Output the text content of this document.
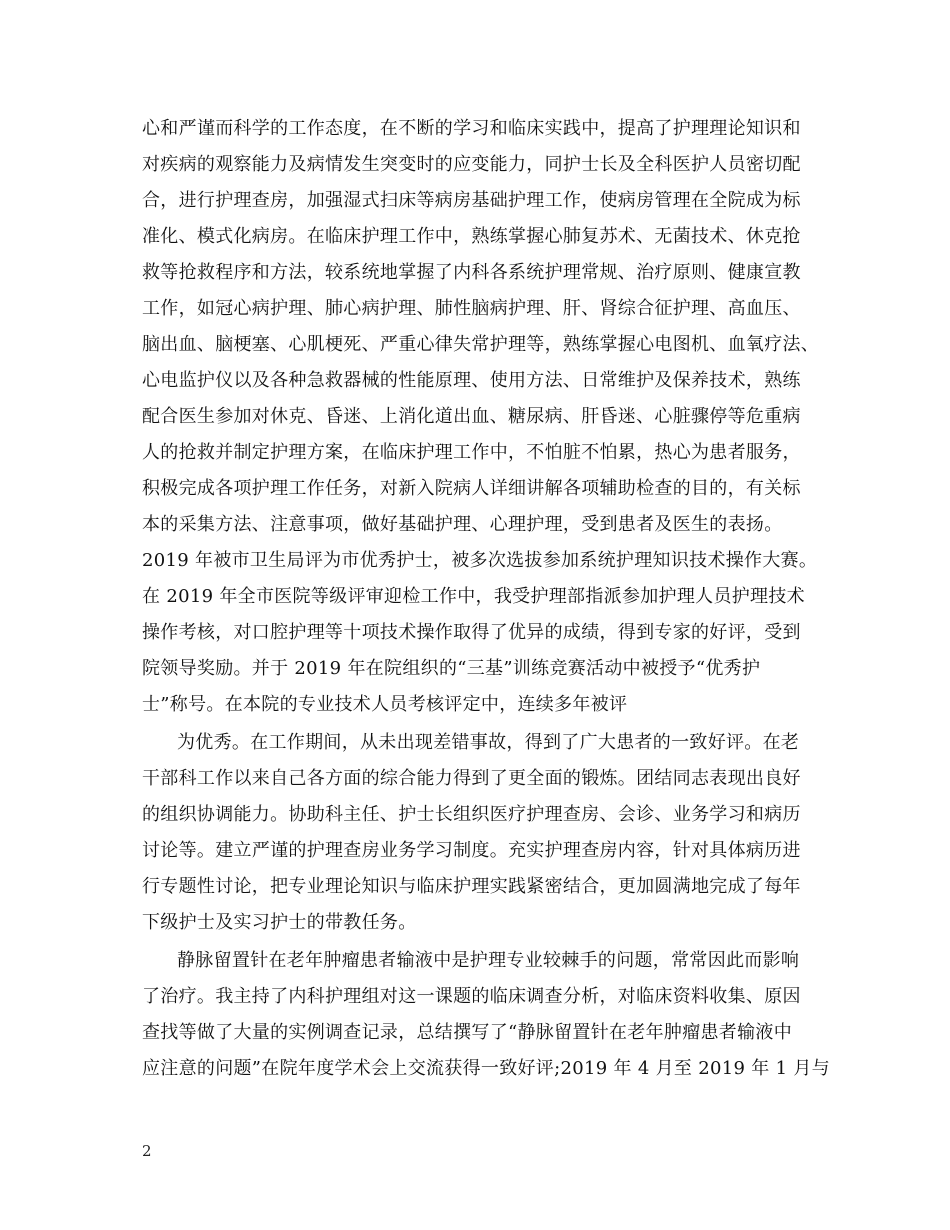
心和严谨而科学的工作态度，在不断的学习和临床实践中，提高了护理理论知识和
对疾病的观察能力及病情发生突变时的应变能力，同护士长及全科医护人员密切配
合，进行护理查房，加强湿式扫床等病房基础护理工作，使病房管理在全院成为标
准化、模式化病房。在临床护理工作中，熟练掌握心肺复苏术、无菌技术、休克抢
救等抢救程序和方法，较系统地掌握了内科各系统护理常规、治疗原则、健康宣教
工作，如冠心病护理、肺心病护理、肺性脑病护理、肝、肾综合征护理、高血压、
脑出血、脑梗塞、心肌梗死、严重心律失常护理等，熟练掌握心电图机、血氧疗法、
心电监护仪以及各种急救器械的性能原理、使用方法、日常维护及保养技术，熟练
配合医生参加对休克、昏迷、上消化道出血、糖尿病、肝昏迷、心脏骤停等危重病
人的抢救并制定护理方案，在临床护理工作中，不怕脏不怕累，热心为患者服务，
积极完成各项护理工作任务，对新入院病人详细讲解各项辅助检查的目的，有关标
本的采集方法、注意事项，做好基础护理、心理护理，受到患者及医生的表扬。
2019 年被市卫生局评为市优秀护士，被多次选拔参加系统护理知识技术操作大赛。
在 2019 年全市医院等级评审迎检工作中，我受护理部指派参加护理人员护理技术
操作考核，对口腔护理等十项技术操作取得了优异的成绩，得到专家的好评，受到
院领导奖励。并于 2019 年在院组织的“三基”训练竞赛活动中被授予“优秀护
士”称号。在本院的专业技术人员考核评定中，连续多年被评
为优秀。在工作期间，从未出现差错事故，得到了广大患者的一致好评。在老
干部科工作以来自己各方面的综合能力得到了更全面的锻炼。团结同志表现出良好
的组织协调能力。协助科主任、护士长组织医疗护理查房、会诊、业务学习和病历
讨论等。建立严谨的护理查房业务学习制度。充实护理查房内容，针对具体病历进
行专题性讨论，把专业理论知识与临床护理实践紧密结合，更加圆满地完成了每年
下级护士及实习护士的带教任务。
静脉留置针在老年肿瘤患者输液中是护理专业较棘手的问题，常常因此而影响
了治疗。我主持了内科护理组对这一课题的临床调查分析，对临床资料收集、原因
查找等做了大量的实例调查记录，总结撰写了“静脉留置针在老年肿瘤患者输液中
应注意的问题”在院年度学术会上交流获得一致好评;2019 年 4 月至 2019 年 1 月与
2
